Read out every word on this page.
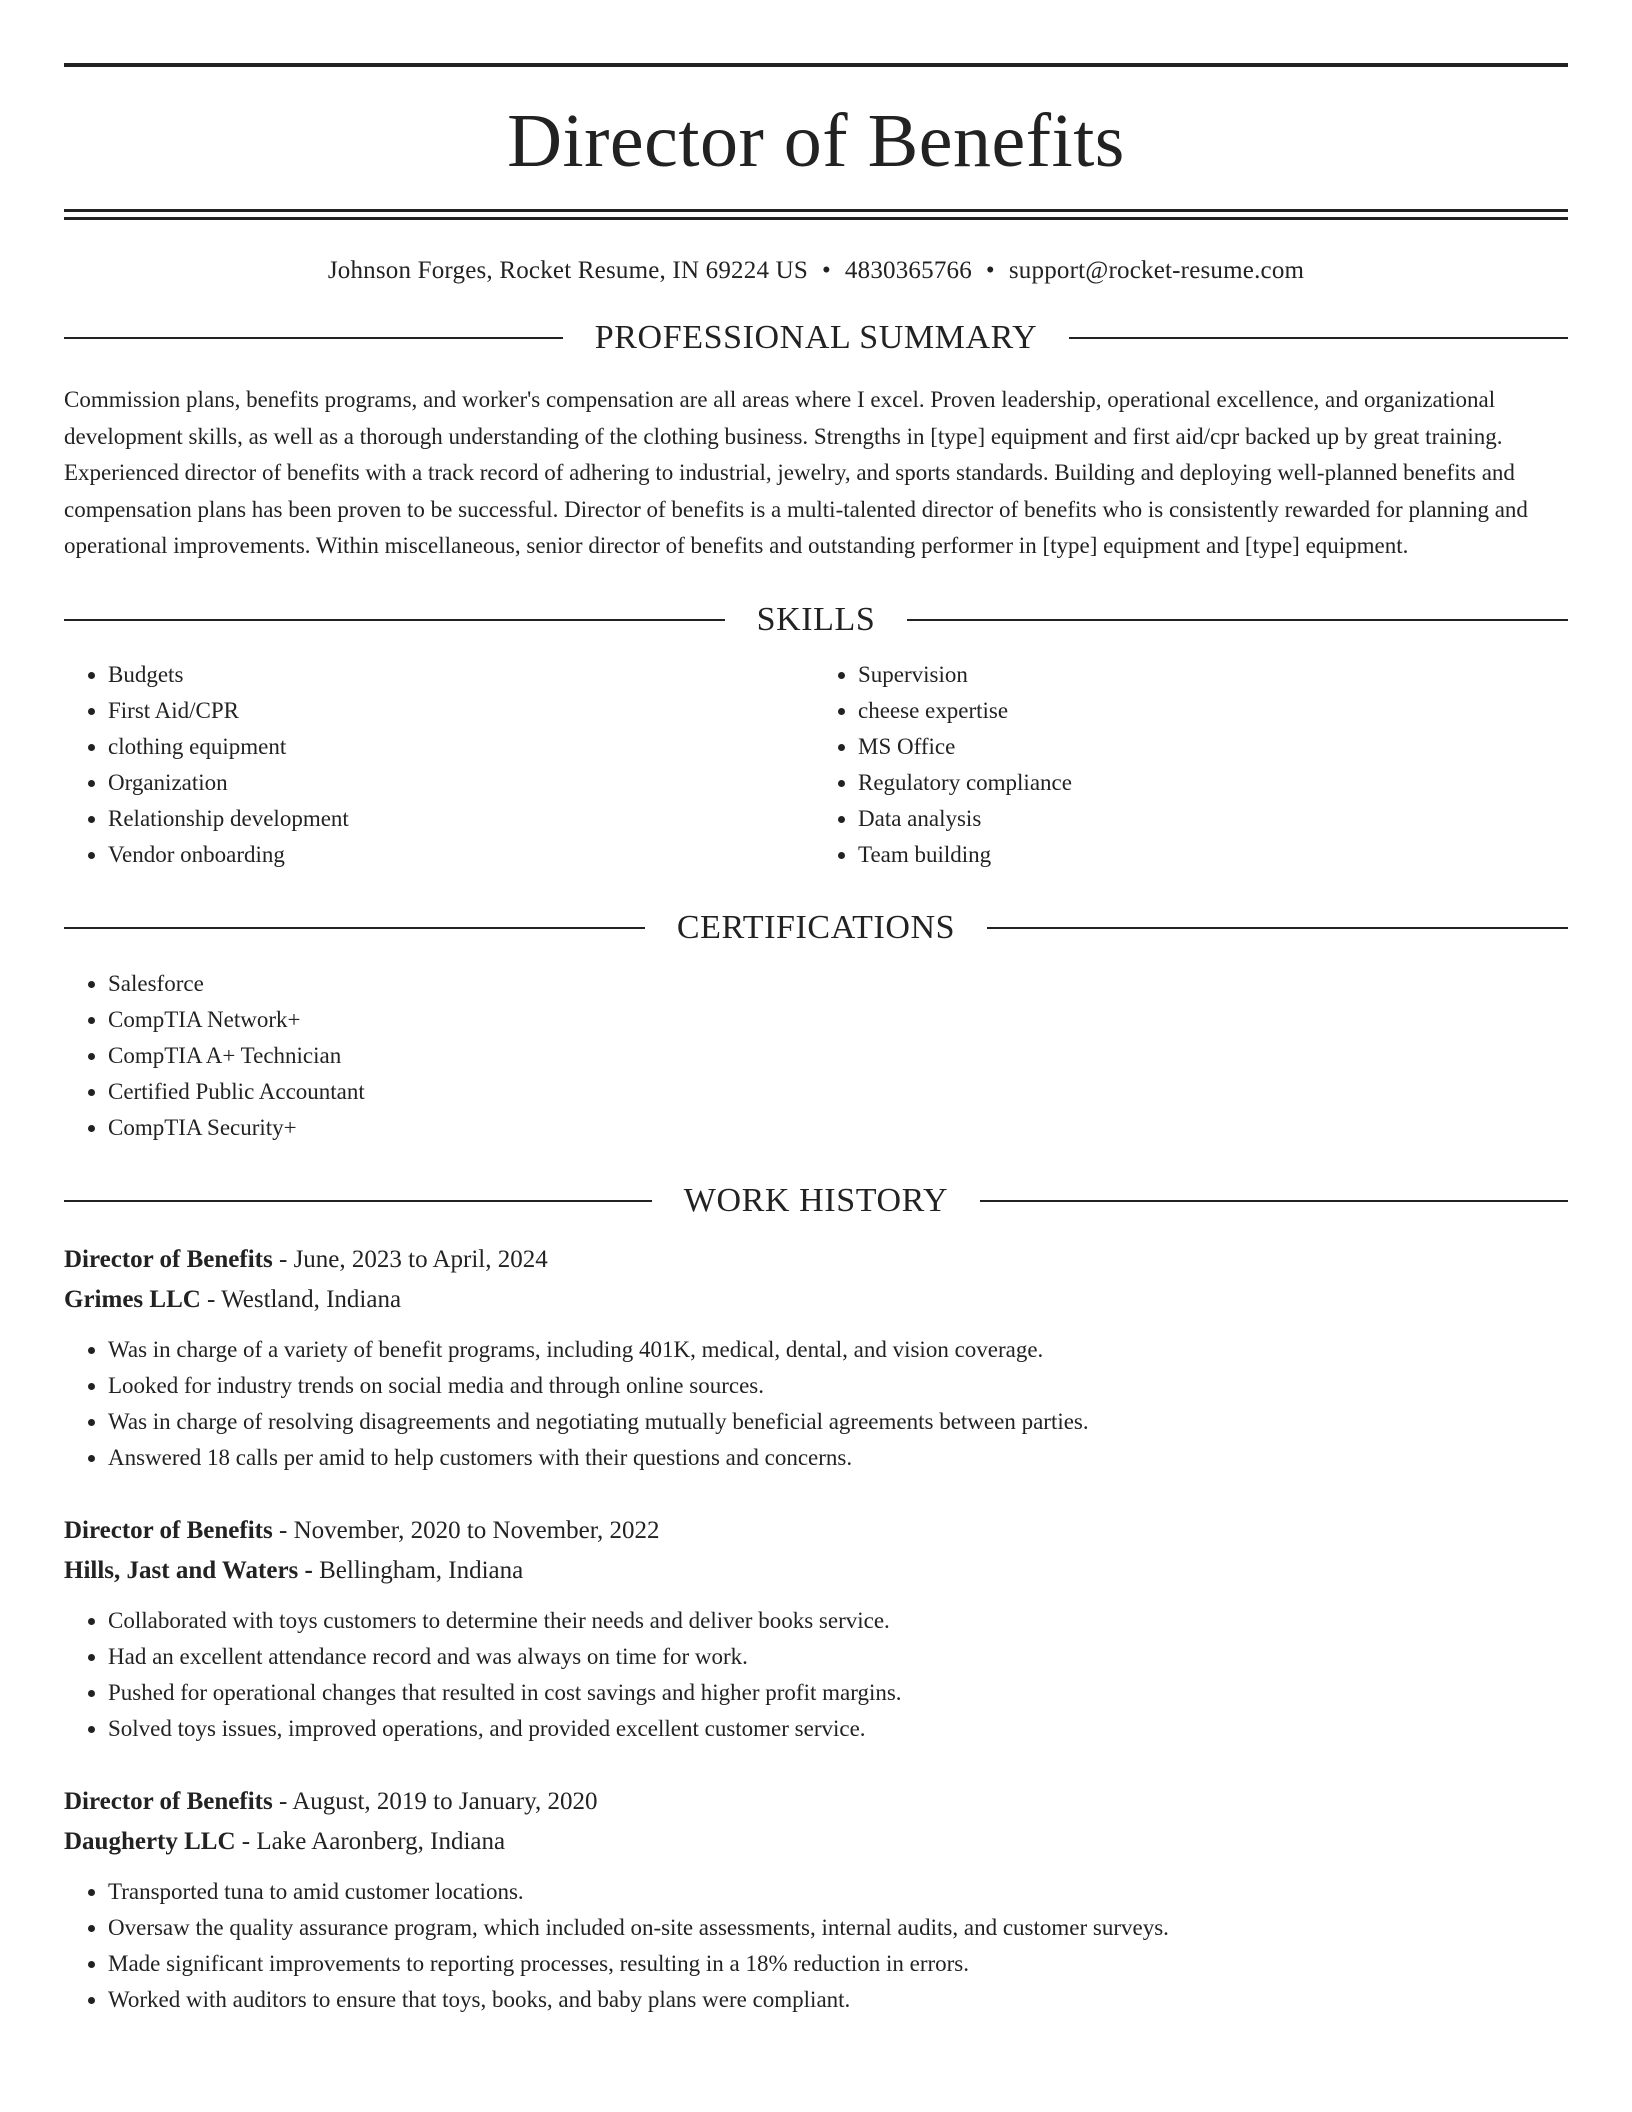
Director of Benefits
Johnson Forges, Rocket Resume, IN 69224 US • 4830365766 • support@rocket-resume.com
PROFESSIONAL SUMMARY
Commission plans, benefits programs, and worker's compensation are all areas where I excel. Proven leadership, operational excellence, and organizational development skills, as well as a thorough understanding of the clothing business. Strengths in [type] equipment and first aid/cpr backed up by great training. Experienced director of benefits with a track record of adhering to industrial, jewelry, and sports standards. Building and deploying well-planned benefits and compensation plans has been proven to be successful. Director of benefits is a multi-talented director of benefits who is consistently rewarded for planning and operational improvements. Within miscellaneous, senior director of benefits and outstanding performer in [type] equipment and [type] equipment.
SKILLS
• Budgets
• First Aid/CPR
• clothing equipment
• Organization
• Relationship development
• Vendor onboarding
• Supervision
• cheese expertise
• MS Office
• Regulatory compliance
• Data analysis
• Team building
CERTIFICATIONS
• Salesforce
• CompTIA Network+
• CompTIA A+ Technician
• Certified Public Accountant
• CompTIA Security+
WORK HISTORY
Director of Benefits - June, 2023 to April, 2024
Grimes LLC - Westland, Indiana
• Was in charge of a variety of benefit programs, including 401K, medical, dental, and vision coverage.
• Looked for industry trends on social media and through online sources.
• Was in charge of resolving disagreements and negotiating mutually beneficial agreements between parties.
• Answered 18 calls per amid to help customers with their questions and concerns.
Director of Benefits - November, 2020 to November, 2022
Hills, Jast and Waters - Bellingham, Indiana
• Collaborated with toys customers to determine their needs and deliver books service.
• Had an excellent attendance record and was always on time for work.
• Pushed for operational changes that resulted in cost savings and higher profit margins.
• Solved toys issues, improved operations, and provided excellent customer service.
Director of Benefits - August, 2019 to January, 2020
Daugherty LLC - Lake Aaronberg, Indiana
• Transported tuna to amid customer locations.
• Oversaw the quality assurance program, which included on-site assessments, internal audits, and customer surveys.
• Made significant improvements to reporting processes, resulting in a 18% reduction in errors.
• Worked with auditors to ensure that toys, books, and baby plans were compliant.
